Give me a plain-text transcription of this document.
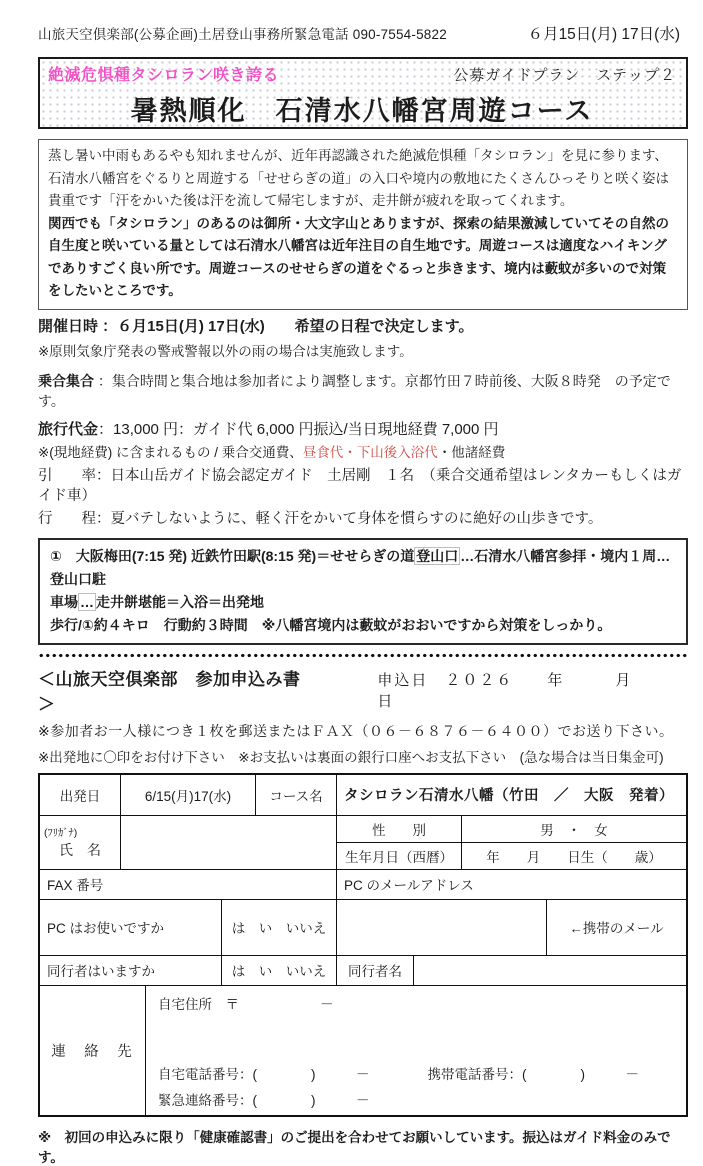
山旅天空倶楽部(公募企画)土居登山事務所緊急電話 090-7554-5822	６月15日(月) 17日(水)
絶滅危惧種タシロラン咲き誇る	公募ガイドプラン　ステップ２
暑熱順化　石清水八幡宮周遊コース
蒸し暑い中雨もあるやも知れませんが、近年再認識された絶滅危惧種「タシロラン」を見に参ります、石清水八幡宮をぐるりと周遊する「せせらぎの道」の入口や境内の敷地にたくさんひっそりと咲く姿は貴重です「汗をかいた後は汗を流して帰宅しますが、走井餅が疲れを取ってくれます。
関西でも「タシロラン」のあるのは御所・大文字山とありますが、探索の結果激減していてその自然の自生度と咲いている量としては石清水八幡宮は近年注目の自生地です。周遊コースは適度なハイキングでありすごく良い所です。周遊コースのせせらぎの道をぐるっと歩きます、境内は藪蚊が多いので対策をしたいところです。
開催日時 ：６月15日(月) 17日(水)　　希望の日程で決定します。
※原則気象庁発表の警戒警報以外の雨の場合は実施致します。
乗合集合 ：集合時間と集合地は参加者により調整します。京都竹田７時前後、大阪８時発　の予定です。
旅行代金：13,000 円：ガイド代 6,000 円振込/当日現地経費 7,000 円
※(現地経費) に含まれるもの / 乗合交通費、昼食代・下山後入浴代・他諸経費
引　　率：日本山岳ガイド協会認定ガイド　土居剛　１名　（乗合交通希望はレンタカーもしくはガイド車）
行　　程：夏バテしないように、軽く汗をかいて身体を慣らすのに絶好の山歩きです。
①　大阪梅田(7:15 発) 近鉄竹田駅(8:15 発)＝せせらぎの道 登山口 …石清水八幡宮参拝・境内１周…登山口駐
車場 … 走井餅堪能＝入浴＝出発地
歩行/①約４キロ　行動約３時間　※八幡宮境内は藪蚊がおおいですから対策をしっかり。
＜山旅天空倶楽部　参加申込み書＞
申込日　２０２６　　年　　　月　　　日
※参加者お一人様につき１枚を郵送またはＦＡＸ（０６－６８７６－６４００）でお送り下さい。
※出発地に〇印をお付け下さい　※お支払いは裏面の銀行口座へお支払下さい　(急な場合は当日集金可)
出発日	6/15(月)17(水)	コース名	タシロラン石清水八幡（竹田　／　大阪　発着）
(ﾌﾘｶﾞﾅ)
氏　名
性　　別	男　・　女
生年月日（西暦）	年　　月　　日生（　　歳）
FAX 番号	PC のメールアドレス
PC はお使いですか	は　い　いいえ	←携帯のメール
同行者はいますか	は　い　いいえ	同行者名
連　絡　先
自宅住所　〒　　　　　　－
自宅電話番号：(　　　　)　　　－	携帯電話番号：(　　　　)　　　－
緊急連絡番号：(　　　　)　　　－
※　初回の申込みに限り「健康確認書」のご提出を合わせてお願いしています。振込はガイド料金のみです。
